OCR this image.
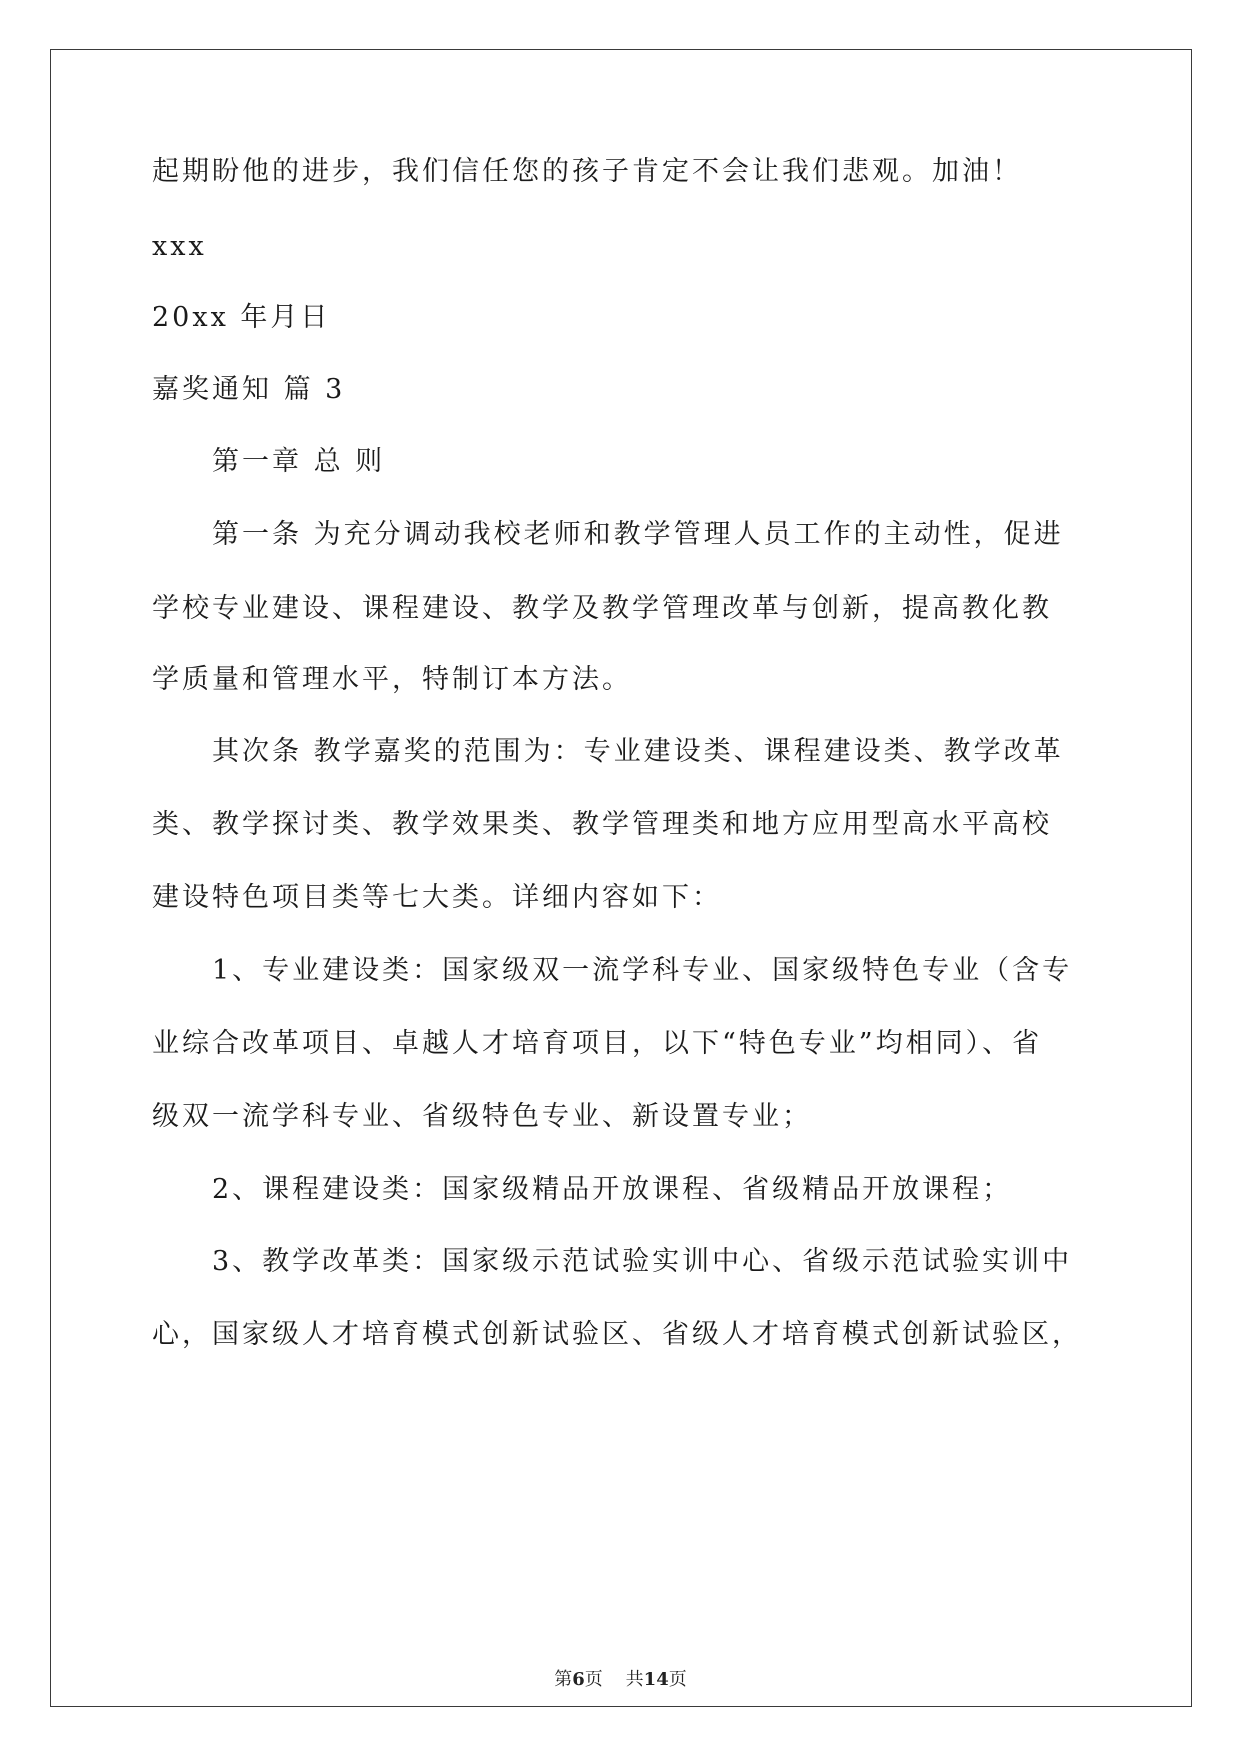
起期盼他的进步，我们信任您的孩子肯定不会让我们悲观。加油！
xxx
20xx 年月日
嘉奖通知 篇 3
第一章 总 则
第一条 为充分调动我校老师和教学管理人员工作的主动性，促进
学校专业建设、课程建设、教学及教学管理改革与创新，提高教化教
学质量和管理水平，特制订本方法。
其次条 教学嘉奖的范围为：专业建设类、课程建设类、教学改革
类、教学探讨类、教学效果类、教学管理类和地方应用型高水平高校
建设特色项目类等七大类。详细内容如下：
1、专业建设类：国家级双一流学科专业、国家级特色专业（含专
业综合改革项目、卓越人才培育项目，以下“特色专业”均相同）、省
级双一流学科专业、省级特色专业、新设置专业；
2、课程建设类：国家级精品开放课程、省级精品开放课程；
3、教学改革类：国家级示范试验实训中心、省级示范试验实训中
心，国家级人才培育模式创新试验区、省级人才培育模式创新试验区，
第6页    共14页
